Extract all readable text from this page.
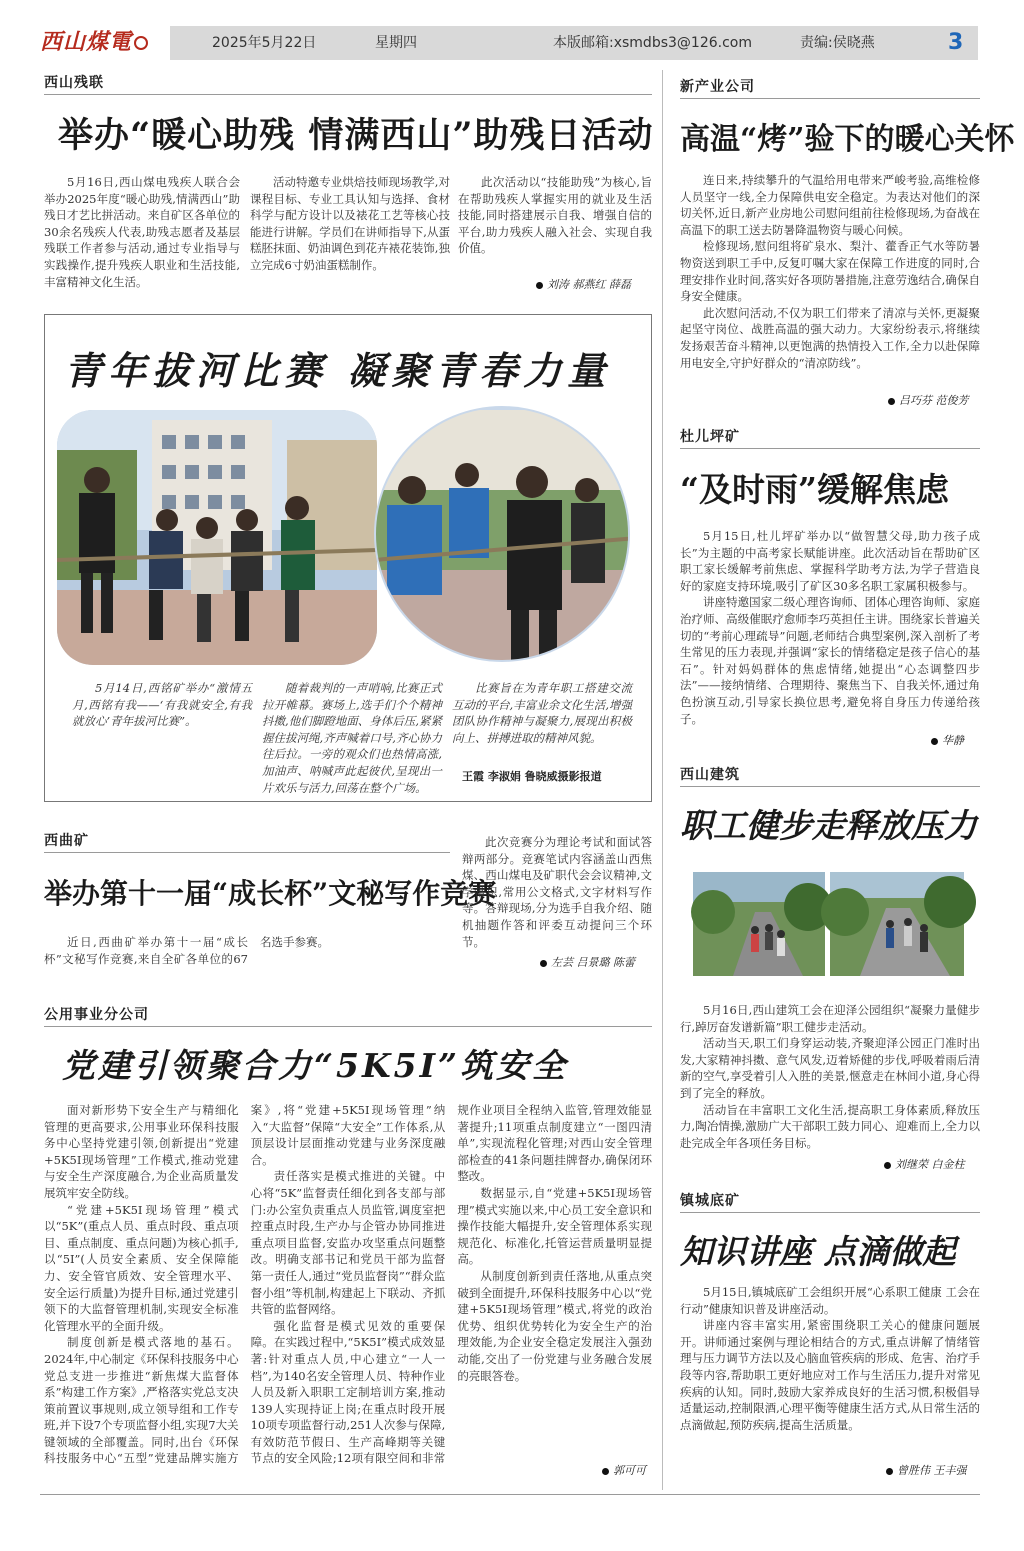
西山煤電	2025年5月22日	星期四	本版邮箱:xsmdbs3@126.com	责编:侯晓燕	3
西山残联
举办“暖心助残 情满西山”助残日活动

5月16日,西山煤电残疾人联合会举办2025年度“暖心助残,情满西山”助残日才艺比拼活动。来自矿区各单位的30余名残疾人代表,助残志愿者及基层残联工作者参与活动,通过专业指导与实践操作,提升残疾人职业和生活技能,丰富精神文化生活。

活动特邀专业烘焙技师现场教学,对课程目标、专业工具认知与选择、食材科学与配方设计以及裱花工艺等核心技能进行讲解。学员们在讲师指导下,从蛋糕胚抹面、奶油调色到花卉裱花装饰,独立完成6寸奶油蛋糕制作。

此次活动以“技能助残”为核心,旨在帮助残疾人掌握实用的就业及生活技能,同时搭建展示自我、增强自信的平台,助力残疾人融入社会、实现自我价值。

刘涛 郝燕红 薛磊
青年拔河比赛 凝聚青春力量

5月14日,西铭矿举办“激情五月,西铭有我——‘有我就安全,有我就放心’青年拔河比赛”。

随着裁判的一声哨响,比赛正式拉开帷幕。赛场上,选手们个个精神抖擞,他们脚蹬地面、身体后压,紧紧握住拔河绳,齐声喊着口号,齐心协力往后拉。一旁的观众们也热情高涨,加油声、呐喊声此起彼伏,呈现出一片欢乐与活力,回荡在整个广场。

比赛旨在为青年职工搭建交流互动的平台,丰富业余文化生活,增强团队协作精神与凝聚力,展现出积极向上、拼搏进取的精神风貌。

王霞 李淑娟 鲁晓威摄影报道
西曲矿
举办第十一届“成长杯”文秘写作竞赛

近日,西曲矿举办第十一届“成长杯”文秘写作竞赛,来自全矿各单位的67名选手参赛。

此次竞赛分为理论考试和面试答辩两部分。竞赛笔试内容涵盖山西焦煤、西山煤电及矿职代会会议精神,文学常识,常用公文格式,文字材料写作等。答辩现场,分为选手自我介绍、随机抽题作答和评委互动提问三个环节。

左芸 吕景璐 陈蕾
公用事业分公司
党建引领聚合力“5K5I”筑安全

面对新形势下安全生产与精细化管理的更高要求,公用事业环保科技服务中心坚持党建引领,创新提出“党建+5K5I现场管理”工作模式,推动党建与安全生产深度融合,为企业高质量发展筑牢安全防线。

“党建+5K5I现场管理”模式以“5K”(重点人员、重点时段、重点项目、重点制度、重点问题)为核心抓手,以“5I”(人员安全素质、安全保障能力、安全管官质效、安全管理水平、安全运行质量)为提升目标,通过党建引领下的大监督管理机制,实现安全标准化管理水平的全面升级。

制度创新是模式落地的基石。2024年,中心制定《环保科技服务中心党总支进一步推进“新焦煤大监督体系”构建工作方案》,严格落实党总支决策前置议事规则,成立领导组和工作专班,并下设7个专项监督小组,实现7大关键领域的全部覆盖。同时,出台《环保科技服务中心“五型”党建品牌实施方案》,将“党建+5K5I现场管理”纳入“大监督”保障“大安全”工作体系,从顶层设计层面推动党建与业务深度融合。

责任落实是模式推进的关键。中心将“5K”监督责任细化到各支部与部门:办公室负责重点人员监管,调度室把控重点时段,生产办与企管办协同推进重点项目监督,安监办攻坚重点问题整改。明确支部书记和党员干部为监督第一责任人,通过“党员监督岗”“群众监督小组”等机制,构建起上下联动、齐抓共管的监督网络。

强化监督是模式见效的重要保障。在实践过程中,“5K5I”模式成效显著:针对重点人员,中心建立“一人一档”,为140名安全管理人员、特种作业人员及新入职职工定制培训方案,推动139人实现持证上岗;在重点时段开展10项专项监督行动,251人次参与保障,有效防范节假日、生产高峰期等关键节点的安全风险;12项有限空间和非常规作业项目全程纳入监管,管理效能显著提升;11项重点制度建立“一图四清单”,实现流程化管理;对西山安全管理部检查的41条问题挂牌督办,确保闭环整改。

数据显示,自“党建+5K5I现场管理”模式实施以来,中心员工安全意识和操作技能大幅提升,安全管理体系实现规范化、标准化,托管运营质量明显提高。

从制度创新到责任落地,从重点突破到全面提升,环保科技服务中心以“党建+5K5I现场管理”模式,将党的政治优势、组织优势转化为安全生产的治理效能,为企业安全稳定发展注入强劲动能,交出了一份党建与业务融合发展的亮眼答卷。

郭可可
新产业公司
高温“烤”验下的暖心关怀

连日来,持续攀升的气温给用电带来严峻考验,高维检修人员坚守一线,全力保障供电安全稳定。为表达对他们的深切关怀,近日,新产业房地公司慰问组前往检修现场,为奋战在高温下的职工送去防暑降温物资与暖心问候。

检修现场,慰问组将矿泉水、梨汁、藿香正气水等防暑物资送到职工手中,反复叮嘱大家在保障工作进度的同时,合理安排作业时间,落实好各项防暑措施,注意劳逸结合,确保自身安全健康。

此次慰问活动,不仅为职工们带来了清凉与关怀,更凝聚起坚守岗位、战胜高温的强大动力。大家纷纷表示,将继续发扬艰苦奋斗精神,以更饱满的热情投入工作,全力以赴保障用电安全,守护好群众的“清凉防线”。

吕巧芬 范俊芳
杜儿坪矿
“及时雨”缓解焦虑

5月15日,杜儿坪矿举办以“做智慧父母,助力孩子成长”为主题的中高考家长赋能讲座。此次活动旨在帮助矿区职工家长缓解考前焦虑、掌握科学助考方法,为学子营造良好的家庭支持环境,吸引了矿区30多名职工家属积极参与。

讲座特邀国家二级心理咨询师、团体心理咨询师、家庭治疗师、高级催眠疗愈师李巧英担任主讲。围绕家长普遍关切的“考前心理疏导”问题,老师结合典型案例,深入剖析了考生常见的压力表现,并强调“家长的情绪稳定是孩子信心的基石”。针对妈妈群体的焦虑情绪,她提出“心态调整四步法”——接纳情绪、合理期待、聚焦当下、自我关怀,通过角色扮演互动,引导家长换位思考,避免将自身压力传递给孩子。

华静
西山建筑
职工健步走释放压力

5月16日,西山建筑工会在迎泽公园组织“凝聚力量健步行,踔厉奋发谱新篇”职工健步走活动。

活动当天,职工们身穿运动装,齐聚迎泽公园正门准时出发,大家精神抖擞、意气风发,迈着矫健的步伐,呼吸着雨后清新的空气,享受着引人入胜的美景,惬意走在林间小道,身心得到了完全的释放。

活动旨在丰富职工文化生活,提高职工身体素质,释放压力,陶冶情操,激励广大干部职工鼓力同心、迎难而上,全力以赴完成全年各项任务目标。

刘继荣 白金柱
镇城底矿
知识讲座 点滴做起

5月15日,镇城底矿工会组织开展“心系职工健康 工会在行动”健康知识普及讲座活动。

讲座内容丰富实用,紧密围绕职工关心的健康问题展开。讲师通过案例与理论相结合的方式,重点讲解了情绪管理与压力调节方法以及心脑血管疾病的形成、危害、治疗手段等内容,帮助职工更好地应对工作与生活压力,提升对常见疾病的认知。同时,鼓励大家养成良好的生活习惯,积极倡导适量运动,控制限酒,心理平衡等健康生活方式,从日常生活的点滴做起,预防疾病,提高生活质量。

曾胜伟 王丰强
